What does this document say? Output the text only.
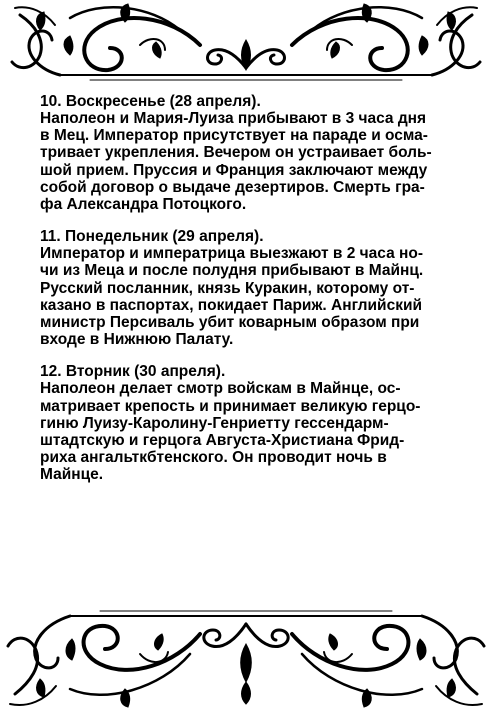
10. Воскресенье (28 апреля).

Наполеон и Мария-Луиза прибывают в 3 часа дня
в Мец. Император присутствует на параде и осма-
тривает укрепления. Вечером он устраивает боль-
шой прием. Пруссия и Франция заключают между
собой договор о выдаче дезертиров. Смерть гра-
фа Александра Потоцкого.

11. Понедельник (29 апреля).

Император и императрица выезжают в 2 часа но-
чи из Меца и после полудня прибывают в Майнц.
Русский посланник, князь Куракин, которому от-
казано в паспортах, покидает Париж. Английский
министр Персиваль убит коварным образом при
входе в Нижнюю Палату.

12. Вторник (30 апреля).

Наполеон делает смотр войскам в Майнце, ос-
матривает крепость и принимает великую герцо-
гиню Луизу-Каролину-Генриетту гессендарм-
штадтскую и герцога Августа-Христиана Фрид-
риха ангальткбтенского. Он проводит ночь в
Майнце.
